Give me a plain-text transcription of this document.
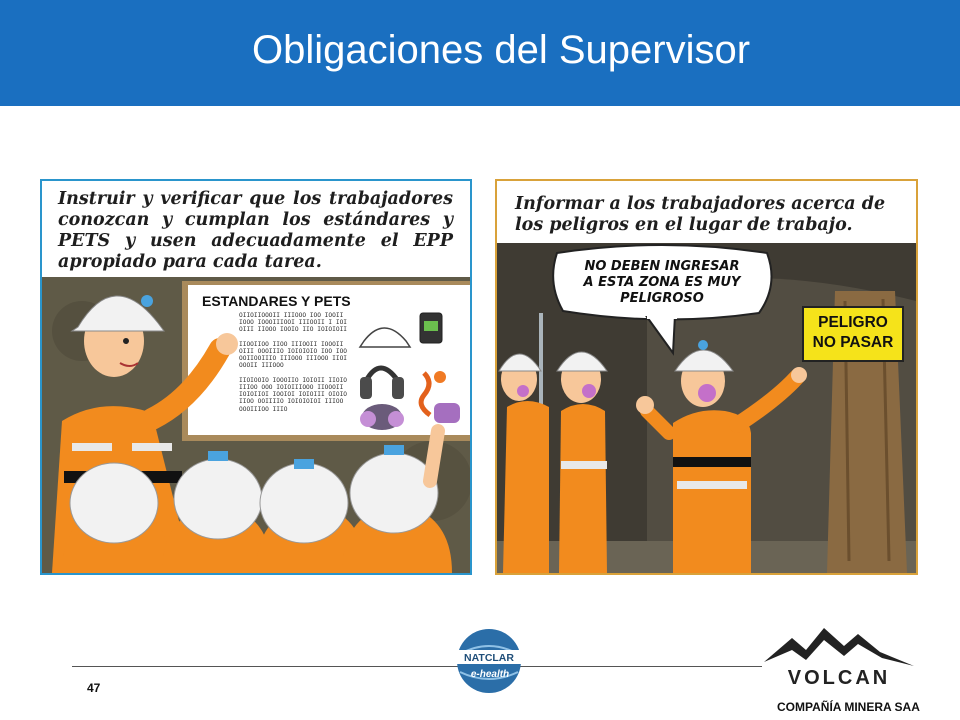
Obligaciones del Supervisor
Instruir y verificar que los trabajadores conozcan y cumplan los estándares y PETS y usen adecuadamente el EPP apropiado para cada tarea.
ESTANDARES Y PETS
OIIOIIOOOII IIIOOO IOO IOOII
IOOO IOOOIIIOOI IIIOOII I IOI
OIII IIOOO IOOIO IIO IOIOIOII

IIOOIIOO IIOO IIIOOII IOOOII
OIII OOOIIIO IOIOIOIO IOO IOO
OOIIOOIIIO IIIOOO IIIOOO IIOI
OOOII IIIOOO

IIOIOOIO IOOOIIO IOIOII IIOIO
IIIOO OOO IOIOIIIOOO IIOOOII
IOIOIIOI IOOIOI IOIOIII OIOIO
IIOO OOIIIIO IOIOIOIOI IIIOO
OOOIIIOO IIIO
Informar a los trabajadores acerca de los peligros en el lugar de trabajo.
NO DEBEN INGRESAR
A ESTA ZONA ES MUY
PELIGROSO
PELIGRO
NO PASAR
47
NATCLAR
e-health	VOLCAN
COMPAÑÍA MINERA SAA
